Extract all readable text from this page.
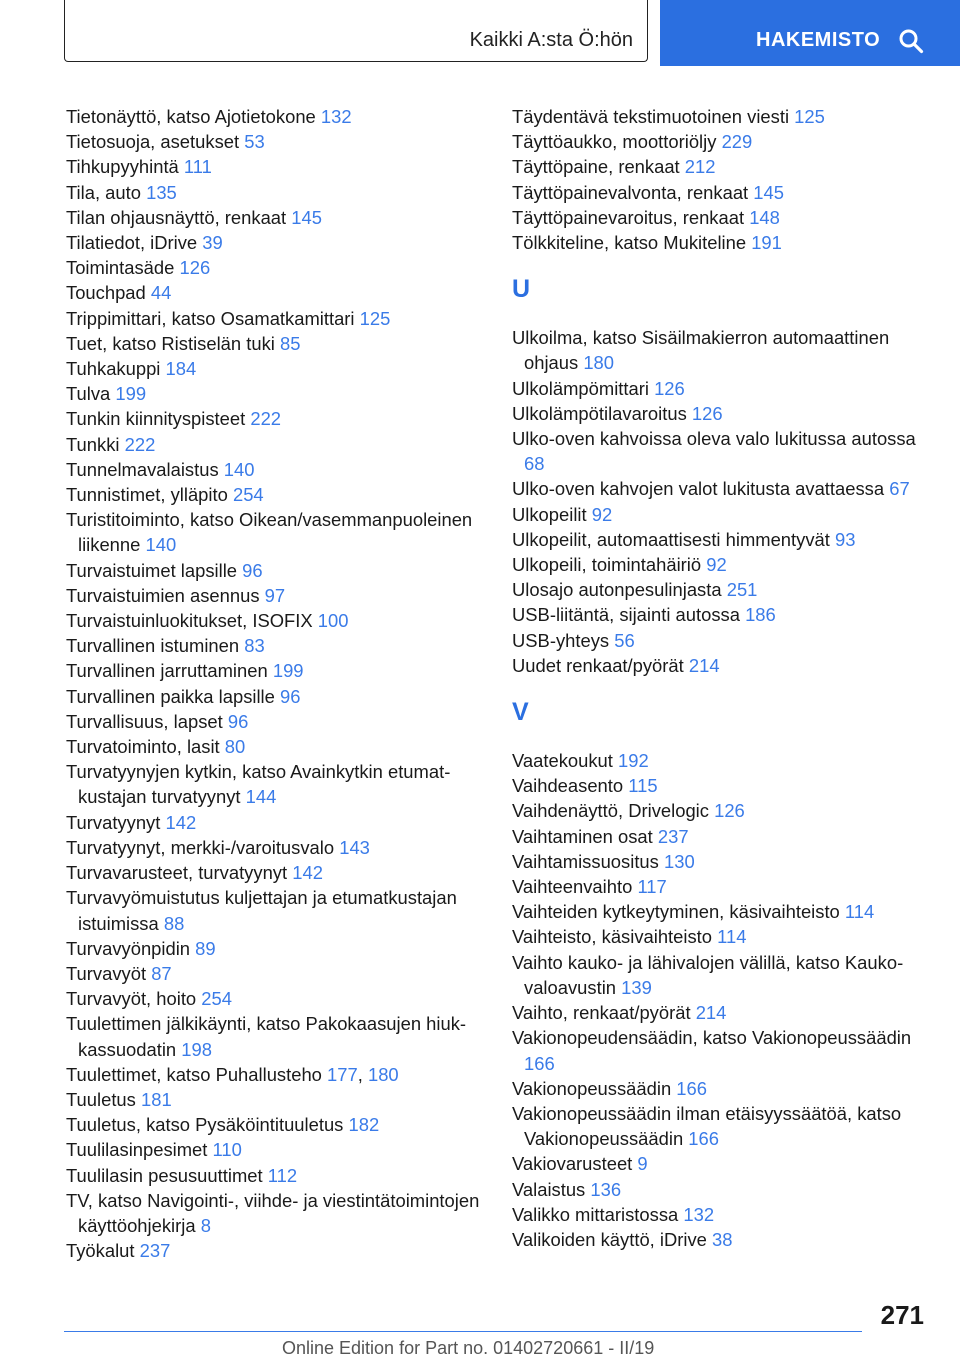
Kaikki A:sta Ö:hön	HAKEMISTO
Tietonäyttö, katso Ajotietokone 132
Tietosuoja, asetukset 53
Tihkupyyhintä 111
Tila, auto 135
Tilan ohjausnäyttö, renkaat 145
Tilatiedot, iDrive 39
Toimintasäde 126
Touchpad 44
Trippimittari, katso Osamatkamittari 125
Tuet, katso Ristiselän tuki 85
Tuhkakuppi 184
Tulva 199
Tunkin kiinnityspisteet 222
Tunkki 222
Tunnelmavalaistus 140
Tunnistimet, ylläpito 254
Turistitoiminto, katso Oikean/vasemmanpuoleinen liikenne 140
Turvaistuimet lapsille 96
Turvaistuimien asennus 97
Turvaistuinluokitukset, ISOFIX 100
Turvallinen istuminen 83
Turvallinen jarruttaminen 199
Turvallinen paikka lapsille 96
Turvallisuus, lapset 96
Turvatoiminto, lasit 80
Turvatyynyjen kytkin, katso Avainkytkin etumatkustajan turvatyynyt 144
Turvatyynyt 142
Turvatyynyt, merkki-/varoitusvalo 143
Turvavarusteet, turvatyynyt 142
Turvavyömuistutus kuljettajan ja etumatkustajan istuimissa 88
Turvavyönpidin 89
Turvavyöt 87
Turvavyöt, hoito 254
Tuulettimen jälkikäynti, katso Pakokaasujen hiukkassuodatin 198
Tuulettimet, katso Puhallusteho 177, 180
Tuuletus 181
Tuuletus, katso Pysäköintituuletus 182
Tuulilasinpesimet 110
Tuulilasin pesusuuttimet 112
TV, katso Navigointi-, viihde- ja viestintätoimintojen käyttöohjekirja 8
Työkalut 237
Täydentävä tekstimuotoinen viesti 125
Täyttöaukko, moottoriöljy 229
Täyttöpaine, renkaat 212
Täyttöpainevalvonta, renkaat 145
Täyttöpainevaroitus, renkaat 148
Tölkkiteline, katso Mukiteline 191
U
Ulkoilma, katso Sisäilmakierron automaattinen ohjaus 180
Ulkolämpömittari 126
Ulkolämpötilavaroitus 126
Ulko-oven kahvoissa oleva valo lukitussa autossa 68
Ulko-oven kahvojen valot lukitusta avattaessa 67
Ulkopeilit 92
Ulkopeilit, automaattisesti himmentyvät 93
Ulkopeili, toimintahäiriö 92
Ulosajo autonpesulinjasta 251
USB-liitäntä, sijainti autossa 186
USB-yhteys 56
Uudet renkaat/pyörät 214
V
Vaatekoukut 192
Vaihdeasento 115
Vaihdenäyttö, Drivelogic 126
Vaihtaminen osat 237
Vaihtamissuositus 130
Vaihteenvaihto 117
Vaihteiden kytkeytyminen, käsivaihteisto 114
Vaihteisto, käsivaihteisto 114
Vaihto kauko- ja lähivalojen välillä, katso Kaukovaloavustin 139
Vaihto, renkaat/pyörät 214
Vakionopeudensäädin, katso Vakionopeussäädin 166
Vakionopeussäädin 166
Vakionopeussäädin ilman etäisyyssäätöä, katso Vakionopeussäädin 166
Vakiovarusteet 9
Valaistus 136
Valikko mittaristossa 132
Valikoiden käyttö, iDrive 38
271
Online Edition for Part no. 01402720661 - II/19
